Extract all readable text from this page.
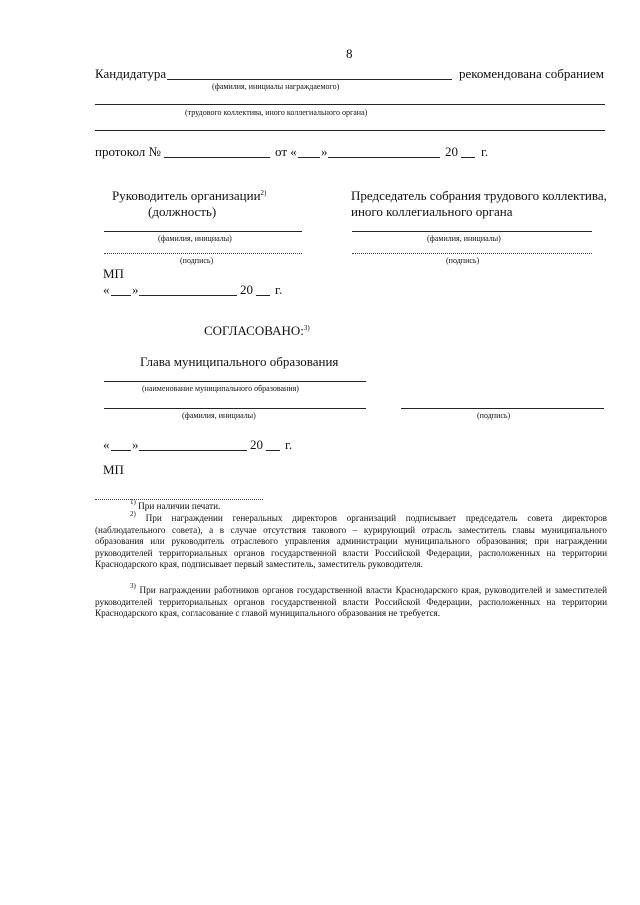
8
Кандидатура	рекомендована собранием
(фамилия, инициалы награждаемого)
(трудового коллектива, иного коллегиального органа)
протокол №	от « »	20 г.
Руководитель организации$^{2)}$
(должность)
(фамилия, инициалы)
(подпись)
Председатель собрания трудового коллектива,
иного коллегиального органа
(фамилия, инициалы)
(подпись)
МП
« »	20 г.
СОГЛАСОВАНО:$^{3)}$
Глава муниципального образования
(наименование муниципального образования)
(фамилия, инициалы)	(подпись)
« »	20 г.
МП
$^{1)}$ При наличии печати.
$^{2)}$ При награждении генеральных директоров организаций подписывает председатель совета директоров (наблюдательного совета), а в случае отсутствия такового – курирующий отрасль заместитель главы муниципального образования или руководитель отраслевого управления администрации муниципального образования; при награждении руководителей территориальных органов государственной власти Российской Федерации, расположенных на территории Краснодарского края, подписывает первый заместитель, заместитель руководителя.
$^{3)}$ При награждении работников органов государственной власти Краснодарского края, руководителей и заместителей руководителей территориальных органов государственной власти Российской Федерации, расположенных на территории Краснодарского края, согласование с главой муниципального образования не требуется.
